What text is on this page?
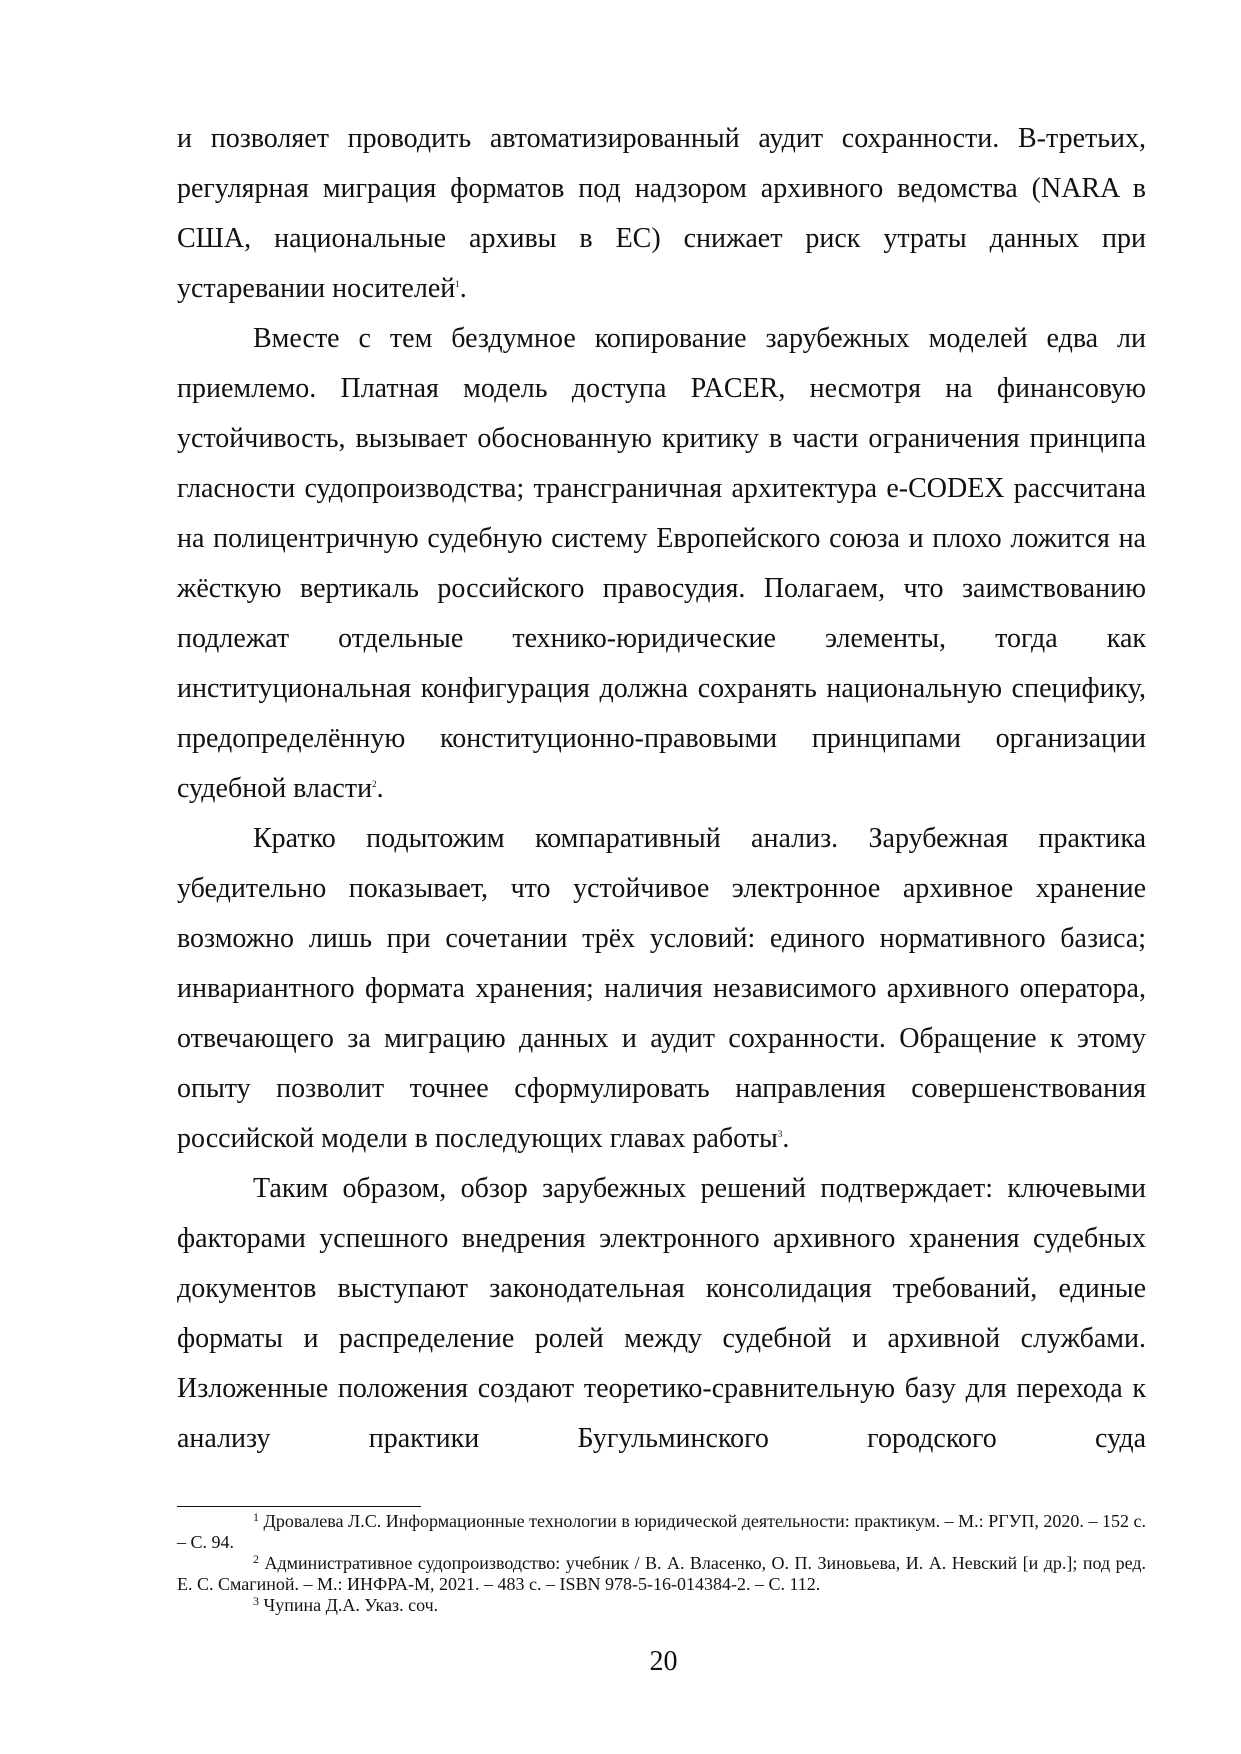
и позволяет проводить автоматизированный аудит сохранности. В-третьих, регулярная миграция форматов под надзором архивного ведомства (NARA в США, национальные архивы в ЕС) снижает риск утраты данных при устаревании носителей$^1$.

Вместе с тем бездумное копирование зарубежных моделей едва ли приемлемо. Платная модель доступа PACER, несмотря на финансовую устойчивость, вызывает обоснованную критику в части ограничения принципа гласности судопроизводства; трансграничная архитектура e-CODEX рассчитана на полицентричную судебную систему Европейского союза и плохо ложится на жёсткую вертикаль российского правосудия. Полагаем, что заимствованию подлежат отдельные технико-юридические элементы, тогда как институциональная конфигурация должна сохранять национальную специфику, предопределённую конституционно-правовыми принципами организации судебной власти$^2$.

Кратко подытожим компаративный анализ. Зарубежная практика убедительно показывает, что устойчивое электронное архивное хранение возможно лишь при сочетании трёх условий: единого нормативного базиса; инвариантного формата хранения; наличия независимого архивного оператора, отвечающего за миграцию данных и аудит сохранности. Обращение к этому опыту позволит точнее сформулировать направления совершенствования российской модели в последующих главах работы$^3$.

Таким образом, обзор зарубежных решений подтверждает: ключевыми факторами успешного внедрения электронного архивного хранения судебных документов выступают законодательная консолидация требований, единые форматы и распределение ролей между судебной и архивной службами. Изложенные положения создают теоретико-сравнительную базу для перехода к анализу практики Бугульминского городского суда

$^1$ Дровалева Л.С. Информационные технологии в юридической деятельности: практикум. – М.: РГУП, 2020. – 152 с. – С. 94.

$^2$ Административное судопроизводство: учебник / В. А. Власенко, О. П. Зиновьева, И. А. Невский [и др.]; под ред. Е. С. Смагиной. – М.: ИНФРА-М, 2021. – 483 с. – ISBN 978-5-16-014384-2. – С. 112.

$^3$ Чупина Д.А. Указ. соч.

20
